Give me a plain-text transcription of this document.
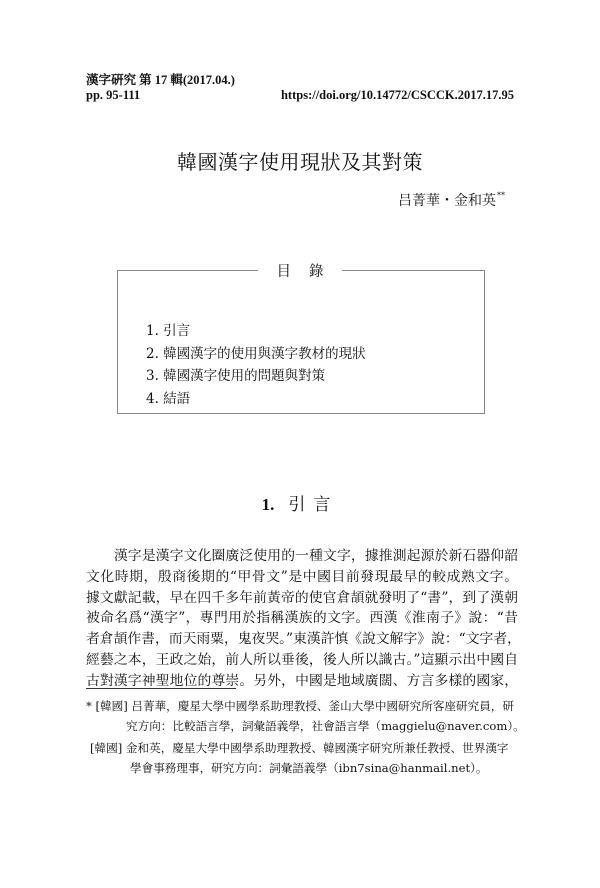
漢字硏究 第 17 輯(2017.04.)
pp. 95-111	https://doi.org/10.14772/CSCCK.2017.17.95
韓國漢字使用現狀及其對策
吕菁華・金和英**
目錄
1. 引言
2. 韓國漢字的使用與漢字教材的現狀
3. 韓國漢字使用的問題與對策
4. 結語
1. 引言
漢字是漢字文化圈廣泛使用的一種文字，據推測起源於新石器仰韶
文化時期，殷商後期的“甲骨文”是中國目前發現最早的較成熟文字。
據文獻記載，早在四千多年前黃帝的使官倉頡就發明了“書”，到了漢朝
被命名爲“漢字”，專門用於指稱漢族的文字。西漢《淮南子》說：“昔
者倉頡作書，而天雨粟，鬼夜哭。”東漢許慎《說文解字》說：“文字者，
經藝之本，王政之始，前人所以垂後，後人所以識古。”這顯示出中國自
古對漢字神聖地位的尊崇。另外，中國是地域廣闊、方言多樣的國家，
* [韓國] 吕菁華，慶星大學中國學系助理教授、釜山大學中國研究所客座研究員，研
究方向：比較語言學，詞彙語義學，社會語言學（maggielu@naver.com）。
[韓國] 金和英，慶星大學中國學系助理教授、韓國漢字研究所兼任教授、世界漢字
學會事務理事，研究方向：詞彙語義學（ibn7sina@hanmail.net）。
